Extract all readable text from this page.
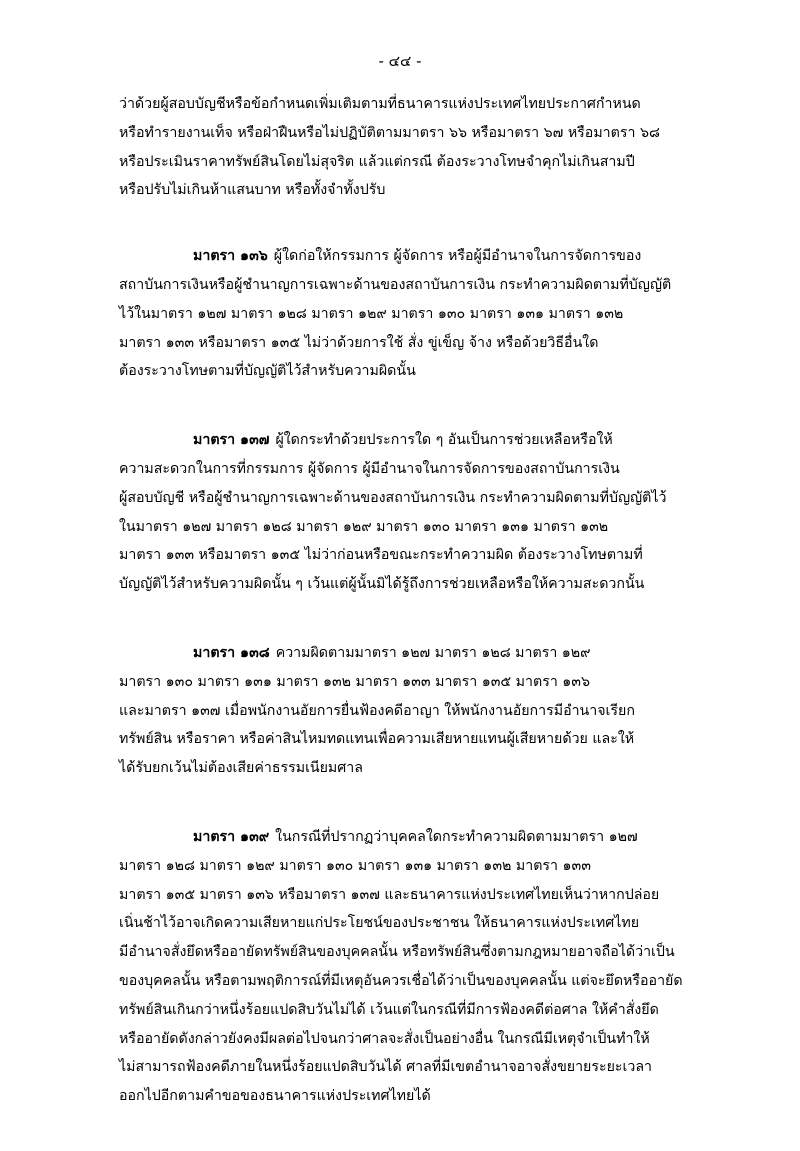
- ๔๔ -
ว่าด้วยผู้สอบบัญชีหรือข้อกำหนดเพิ่มเติมตามที่ธนาคารแห่งประเทศไทยประกาศกำหนด
หรือทำรายงานเท็จ หรือฝ่าฝืนหรือไม่ปฏิบัติตามมาตรา ๖๖ หรือมาตรา ๖๗ หรือมาตรา ๖๘
หรือประเมินราคาทรัพย์สินโดยไม่สุจริต แล้วแต่กรณี ต้องระวางโทษจำคุกไม่เกินสามปี
หรือปรับไม่เกินห้าแสนบาท หรือทั้งจำทั้งปรับ
มาตรา ๑๓๖ ผู้ใดก่อให้กรรมการ ผู้จัดการ หรือผู้มีอำนาจในการจัดการของ
สถาบันการเงินหรือผู้ชำนาญการเฉพาะด้านของสถาบันการเงิน กระทำความผิดตามที่บัญญัติ
ไว้ในมาตรา ๑๒๗ มาตรา ๑๒๘ มาตรา ๑๒๙ มาตรา ๑๓๐ มาตรา ๑๓๑ มาตรา ๑๓๒
มาตรา ๑๓๓ หรือมาตรา ๑๓๕ ไม่ว่าด้วยการใช้ สั่ง ขู่เข็ญ จ้าง หรือด้วยวิธีอื่นใด
ต้องระวางโทษตามที่บัญญัติไว้สำหรับความผิดนั้น
มาตรา ๑๓๗ ผู้ใดกระทำด้วยประการใด ๆ อันเป็นการช่วยเหลือหรือให้
ความสะดวกในการที่กรรมการ ผู้จัดการ ผู้มีอำนาจในการจัดการของสถาบันการเงิน
ผู้สอบบัญชี หรือผู้ชำนาญการเฉพาะด้านของสถาบันการเงิน กระทำความผิดตามที่บัญญัติไว้
ในมาตรา ๑๒๗ มาตรา ๑๒๘ มาตรา ๑๒๙ มาตรา ๑๓๐ มาตรา ๑๓๑ มาตรา ๑๓๒
มาตรา ๑๓๓ หรือมาตรา ๑๓๕ ไม่ว่าก่อนหรือขณะกระทำความผิด ต้องระวางโทษตามที่
บัญญัติไว้สำหรับความผิดนั้น ๆ เว้นแต่ผู้นั้นมิได้รู้ถึงการช่วยเหลือหรือให้ความสะดวกนั้น
มาตรา ๑๓๘ ความผิดตามมาตรา ๑๒๗ มาตรา ๑๒๘ มาตรา ๑๒๙
มาตรา ๑๓๐ มาตรา ๑๓๑ มาตรา ๑๓๒ มาตรา ๑๓๓ มาตรา ๑๓๕ มาตรา ๑๓๖
และมาตรา ๑๓๗ เมื่อพนักงานอัยการยื่นฟ้องคดีอาญา ให้พนักงานอัยการมีอำนาจเรียก
ทรัพย์สิน หรือราคา หรือค่าสินไหมทดแทนเพื่อความเสียหายแทนผู้เสียหายด้วย และให้
ได้รับยกเว้นไม่ต้องเสียค่าธรรมเนียมศาล
มาตรา ๑๓๙ ในกรณีที่ปรากฏว่าบุคคลใดกระทำความผิดตามมาตรา ๑๒๗
มาตรา ๑๒๘ มาตรา ๑๒๙ มาตรา ๑๓๐ มาตรา ๑๓๑ มาตรา ๑๓๒ มาตรา ๑๓๓
มาตรา ๑๓๕ มาตรา ๑๓๖ หรือมาตรา ๑๓๗ และธนาคารแห่งประเทศไทยเห็นว่าหากปล่อย
เนิ่นช้าไว้อาจเกิดความเสียหายแก่ประโยชน์ของประชาชน ให้ธนาคารแห่งประเทศไทย
มีอำนาจสั่งยึดหรืออายัดทรัพย์สินของบุคคลนั้น หรือทรัพย์สินซึ่งตามกฎหมายอาจถือได้ว่าเป็น
ของบุคคลนั้น หรือตามพฤติการณ์ที่มีเหตุอันควรเชื่อได้ว่าเป็นของบุคคลนั้น แต่จะยึดหรืออายัด
ทรัพย์สินเกินกว่าหนึ่งร้อยแปดสิบวันไม่ได้ เว้นแต่ในกรณีที่มีการฟ้องคดีต่อศาล ให้คำสั่งยึด
หรืออายัดดังกล่าวยังคงมีผลต่อไปจนกว่าศาลจะสั่งเป็นอย่างอื่น ในกรณีมีเหตุจำเป็นทำให้
ไม่สามารถฟ้องคดีภายในหนึ่งร้อยแปดสิบวันได้ ศาลที่มีเขตอำนาจอาจสั่งขยายระยะเวลา
ออกไปอีกตามคำขอของธนาคารแห่งประเทศไทยได้
